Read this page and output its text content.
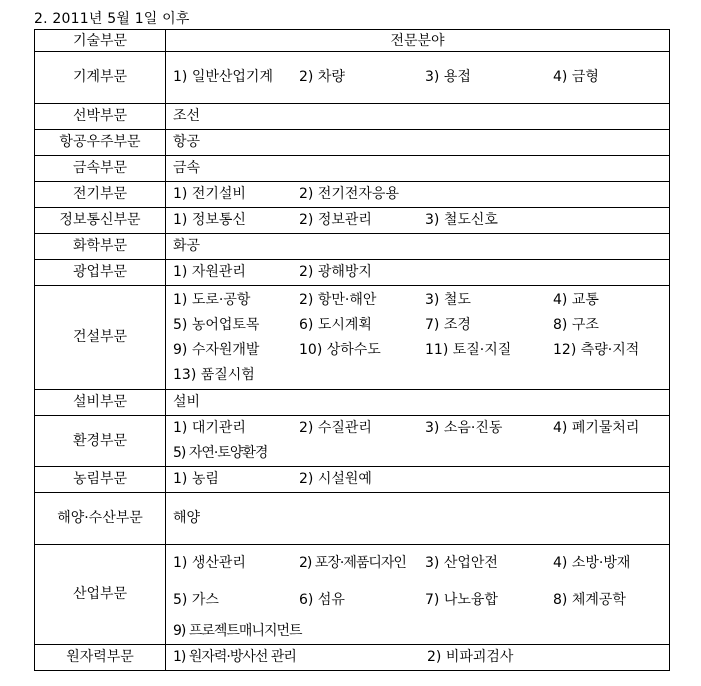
2. 2011년 5월 1일 이후
기술부문	전문분야
기계부문	1) 일반산업기계 2) 차량 3) 용접 4) 금형

선박부문	조선

항공우주부문	항공

금속부문	금속

전기부문	1) 전기설비 2) 전기전자응용

정보통신부문	1) 정보통신 2) 정보관리 3) 철도신호

화학부문	화공

광업부문	1) 자원관리 2) 광해방지

건설부문	1) 도로·공항 2) 항만·해안 3) 철도 4) 교통
5) 농어업토목 6) 도시계획 7) 조경 8) 구조
9) 수자원개발 10) 상하수도 11) 토질·지질 12) 측량·지적
13) 품질시험

설비부문	설비

환경부문	1) 대기관리 2) 수질관리 3) 소음·진동 4) 폐기물처리
5) 자연·토양환경

농림부문	1) 농림 2) 시설원예

해양·수산부문	해양

산업부문	1) 생산관리 2) 포장·제품디자인 3) 산업안전 4) 소방·방재
5) 가스 6) 섬유 7) 나노융합 8) 체계공학
9) 프로젝트매니지먼트

원자력부문	1) 원자력·방사선 관리 2) 비파괴검사
